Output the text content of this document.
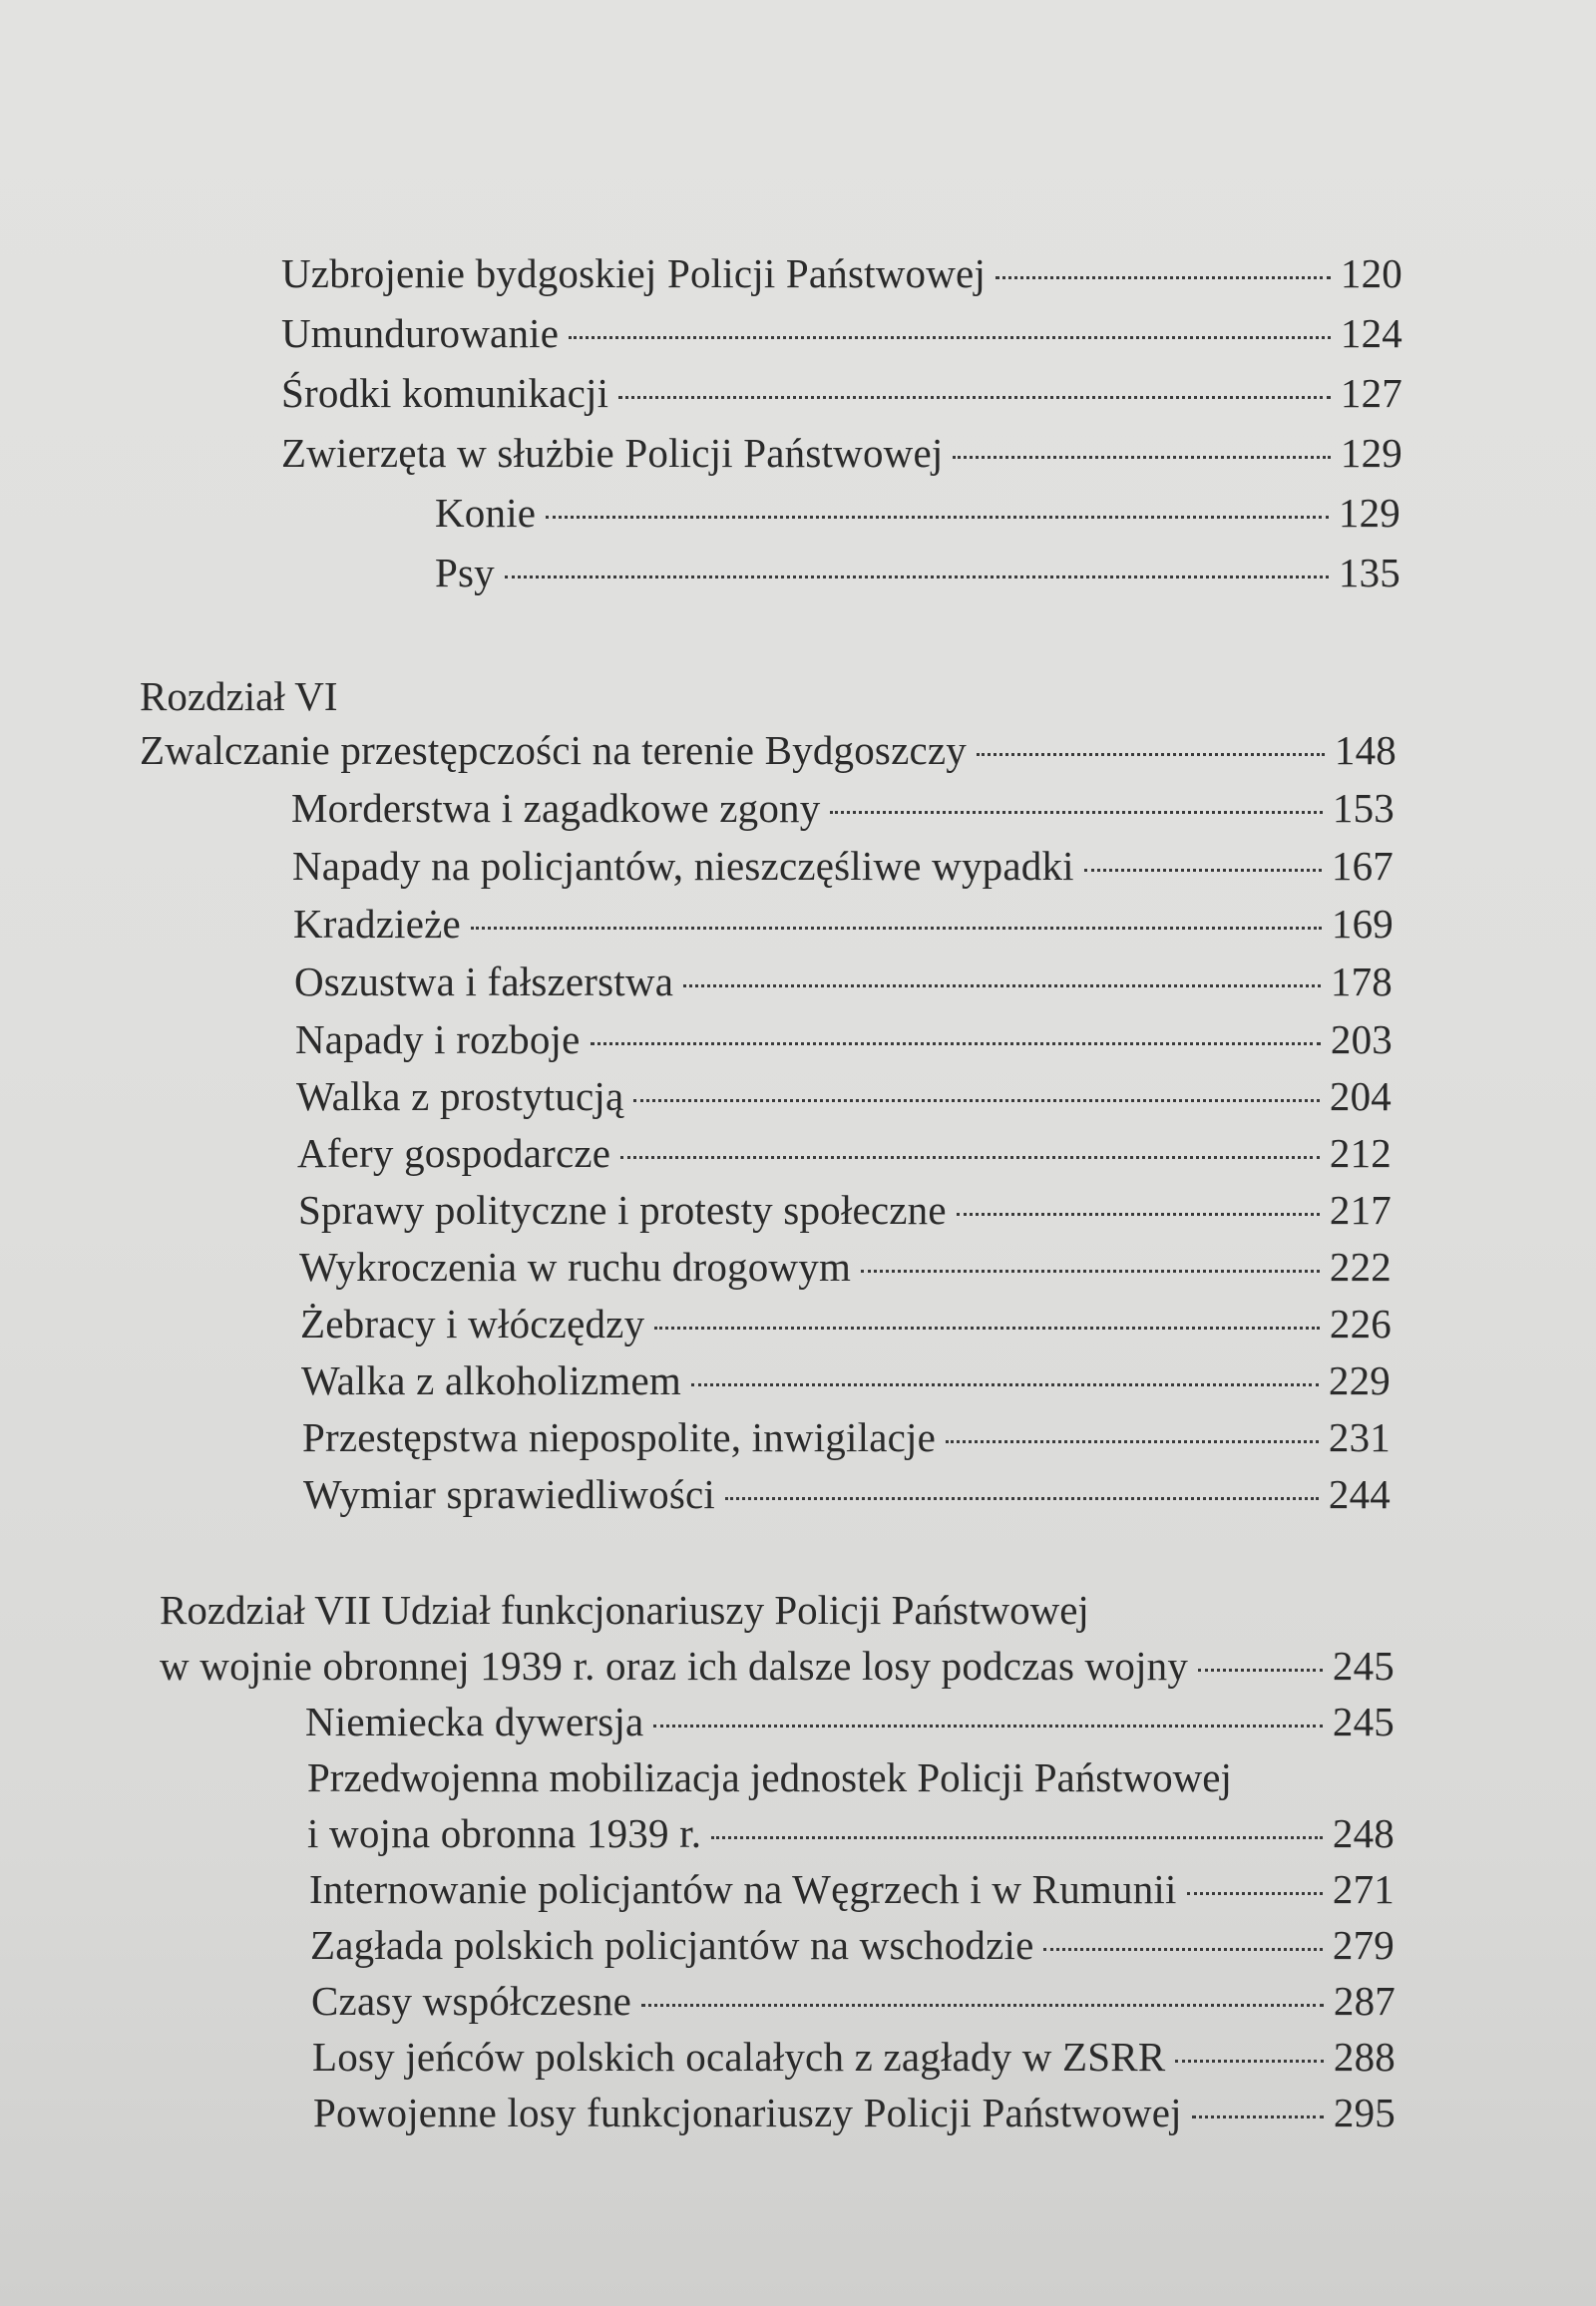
Uzbrojenie bydgoskiej Policji Państwowej	120
Umundurowanie	124
Środki komunikacji	127
Zwierzęta w służbie Policji Państwowej	129
Konie	129
Psy	135
Rozdział VI
Zwalczanie przestępczości na terenie Bydgoszczy	148
Morderstwa i zagadkowe zgony	153
Napady na policjantów, nieszczęśliwe wypadki	167
Kradzieże	169
Oszustwa i fałszerstwa	178
Napady i rozboje	203
Walka z prostytucją	204
Afery gospodarcze	212
Sprawy polityczne i protesty społeczne	217
Wykroczenia w ruchu drogowym	222
Żebracy i włóczędzy	226
Walka z alkoholizmem	229
Przestępstwa niepospolite, inwigilacje	231
Wymiar sprawiedliwości	244
Rozdział VII Udział funkcjonariuszy Policji Państwowej
w wojnie obronnej 1939 r. oraz ich dalsze losy podczas wojny	245
Niemiecka dywersja	245
Przedwojenna mobilizacja jednostek Policji Państwowej
i wojna obronna 1939 r.	248
Internowanie policjantów na Węgrzech i w Rumunii	271
Zagłada polskich policjantów na wschodzie	279
Czasy współczesne	287
Losy jeńców polskich ocalałych z zagłady w ZSRR	288
Powojenne losy funkcjonariuszy Policji Państwowej	295
